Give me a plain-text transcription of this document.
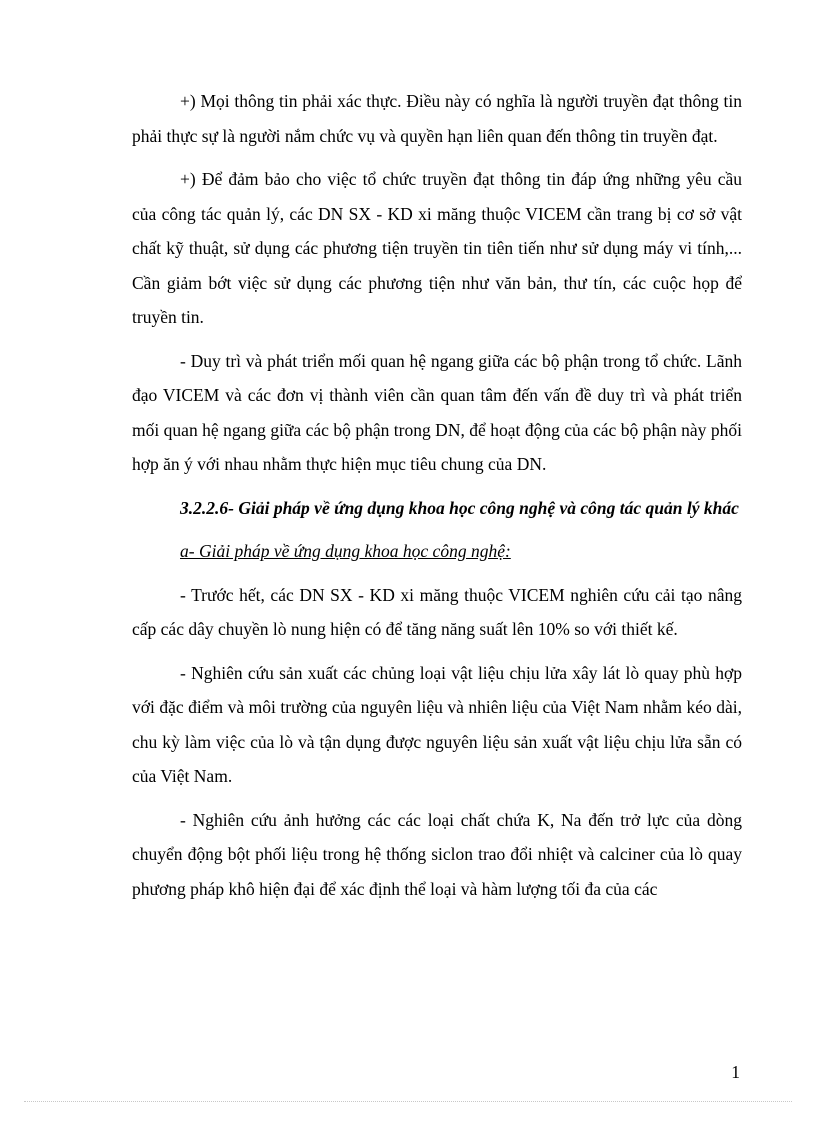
+) Mọi thông tin phải xác thực. Điều này có nghĩa là người truyền đạt thông tin phải thực sự là người nắm chức vụ và quyền hạn liên quan đến thông tin truyền đạt.

+) Để đảm bảo cho việc tổ chức truyền đạt thông tin đáp ứng những yêu cầu của công tác quản lý, các DN SX - KD xi măng thuộc VICEM cần trang bị cơ sở vật chất kỹ thuật, sử dụng các phương tiện truyền tin tiên tiến như sử dụng máy vi tính,... Cần giảm bớt việc sử dụng các phương tiện như văn bản, thư tín, các cuộc họp để truyền tin.

- Duy trì và phát triển mối quan hệ ngang giữa các bộ phận trong tổ chức. Lãnh đạo VICEM và các đơn vị thành viên cần quan tâm đến vấn đề duy trì và phát triển mối quan hệ ngang giữa các bộ phận trong DN, để hoạt động của các bộ phận này phối hợp ăn ý với nhau nhằm thực hiện mục tiêu chung của DN.

3.2.2.6- Giải pháp về ứng dụng khoa học công nghệ và công tác quản lý khác

a- Giải pháp về ứng dụng khoa học công nghệ:

- Trước hết, các DN SX - KD xi măng thuộc VICEM nghiên cứu cải tạo nâng cấp các dây chuyền lò nung hiện có để tăng năng suất lên 10% so với thiết kế.

- Nghiên cứu sản xuất các chủng loại vật liệu chịu lửa xây lát lò quay phù hợp với đặc điểm và môi trường của nguyên liệu và nhiên liệu của Việt Nam nhằm kéo dài, chu kỳ làm việc của lò và tận dụng được nguyên liệu sản xuất vật liệu chịu lửa sẵn có của Việt Nam.

- Nghiên cứu ảnh hưởng các các loại chất chứa K, Na đến trở lực của dòng chuyển động bột phối liệu trong hệ thống siclon trao đổi nhiệt và calciner của lò quay phương pháp khô hiện đại để xác định thể loại và hàm lượng tối đa của các

1
